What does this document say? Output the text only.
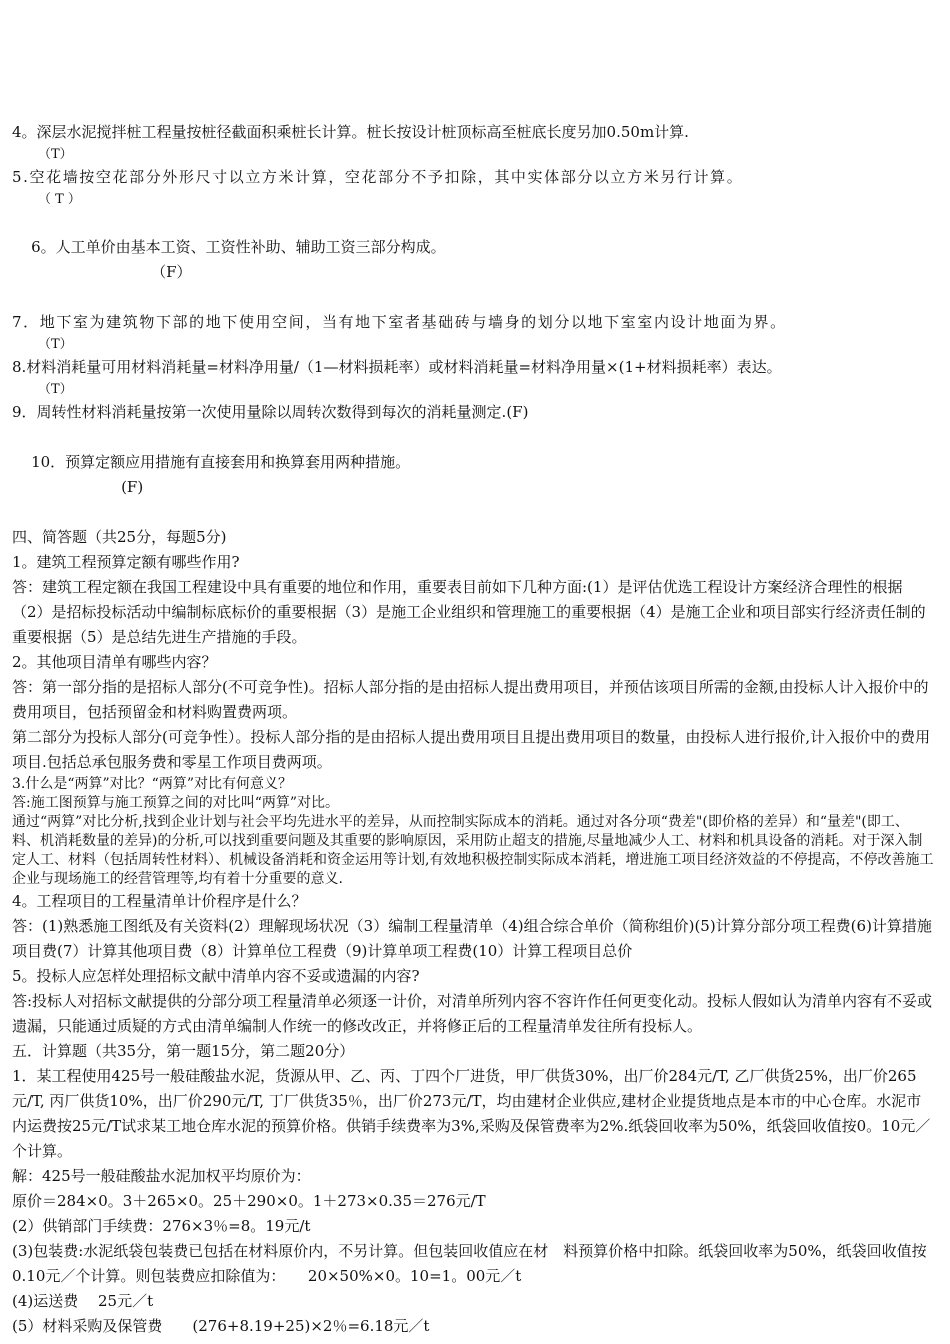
4。深层水泥搅拌桩工程量按桩径截面积乘桩长计算。桩长按设计桩顶标高至桩底长度另加0.50m计算.

（T）

5.空花墙按空花部分外形尺寸以立方米计算，空花部分不予扣除，其中实体部分以立方米另行计算。

（ T ）

6。人工单价由基本工资、工资性补助、辅助工资三部分构成。
（F）

7．地下室为建筑物下部的地下使用空间，当有地下室者基础砖与墙身的划分以地下室室内设计地面为界。

（T）

8.材料消耗量可用材料消耗量=材料净用量/（1—材料损耗率）或材料消耗量=材料净用量×(1+材料损耗率）表达。

（T）

9．周转性材料消耗量按第一次使用量除以周转次数得到每次的消耗量测定.(F)

10．预算定额应用措施有直接套用和换算套用两种措施。
(F)

四、简答题（共25分，每题5分)

1。建筑工程预算定额有哪些作用?

答：建筑工程定额在我国工程建设中具有重要的地位和作用，重要表目前如下几种方面:(1）是评估优选工程设计方案经济合理性的根据（2）是招标投标活动中编制标底标价的重要根据（3）是施工企业组织和管理施工的重要根据（4）是施工企业和项目部实行经济责任制的重要根据（5）是总结先进生产措施的手段。

2。其他项目清单有哪些内容？

答：第一部分指的是招标人部分(不可竞争性)。招标人部分指的是由招标人提出费用项目，并预估该项目所需的金额,由投标人计入报价中的费用项目，包括预留金和材料购置费两项。

第二部分为投标人部分(可竞争性）。投标人部分指的是由招标人提出费用项目且提出费用项目的数量，由投标人进行报价,计入报价中的费用项目.包括总承包服务费和零星工作项目费两项。

3.什么是“两算”对比？“两算”对比有何意义？

答:施工图预算与施工预算之间的对比叫“两算”对比。

通过“两算”对比分析,找到企业计划与社会平均先进水平的差异，从而控制实际成本的消耗。通过对各分项“费差"(即价格的差异）和“量差"(即工、料、机消耗数量的差异)的分析,可以找到重要问题及其重要的影响原因，采用防止超支的措施,尽量地减少人工、材料和机具设备的消耗。对于深入制定人工、材料（包括周转性材料）、机械设备消耗和资金运用等计划,有效地积极控制实际成本消耗，增进施工项目经济效益的不停提高，不停改善施工企业与现场施工的经营管理等,均有着十分重要的意义.

4。工程项目的工程量清单计价程序是什么？

答：(1)熟悉施工图纸及有关资料(2）理解现场状况（3）编制工程量清单（4)组合综合单价（简称组价)(5)计算分部分项工程费(6)计算措施项目费(7）计算其他项目费（8）计算单位工程费（9)计算单项工程费(10）计算工程项目总价

5。投标人应怎样处理招标文献中清单内容不妥或遗漏的内容?

答:投标人对招标文献提供的分部分项工程量清单必须逐一计价，对清单所列内容不容许作任何更变化动。投标人假如认为清单内容有不妥或遗漏，只能通过质疑的方式由清单编制人作统一的修改改正，并将修正后的工程量清单发往所有投标人。

五．计算题（共35分，第一题15分，第二题20分）

1．某工程使用425号一般硅酸盐水泥，货源从甲、乙、丙、丁四个厂进货，甲厂供货30%，出厂价284元/T, 乙厂供货25%，出厂价265元/T, 丙厂供货10%，出厂价290元/T, 丁厂供货35％，出厂价273元/T，均由建材企业供应,建材企业提货地点是本市的中心仓库。水泥市内运费按25元/T试求某工地仓库水泥的预算价格。供销手续费率为3%,采购及保管费率为2%.纸袋回收率为50%，纸袋回收值按0。10元／个计算。

解：425号一般硅酸盐水泥加权平均原价为：

原价＝284×0。3＋265×0。25＋290×0。1＋273×0.35＝276元/T

(2）供销部门手续费：276×3％=8。19元/t

(3)包装费:水泥纸袋包装费已包括在材料原价内，不另计算。但包装回收值应在材　料预算价格中扣除。纸袋回收率为50%，纸袋回收值按0.10元／个计算。则包装费应扣除值为：　　20×50%×0。10=1。00元／t

(4)运送费　 25元／t

(5）材料采购及保管费　　(276+8.19+25)×2％=6.18元／t
